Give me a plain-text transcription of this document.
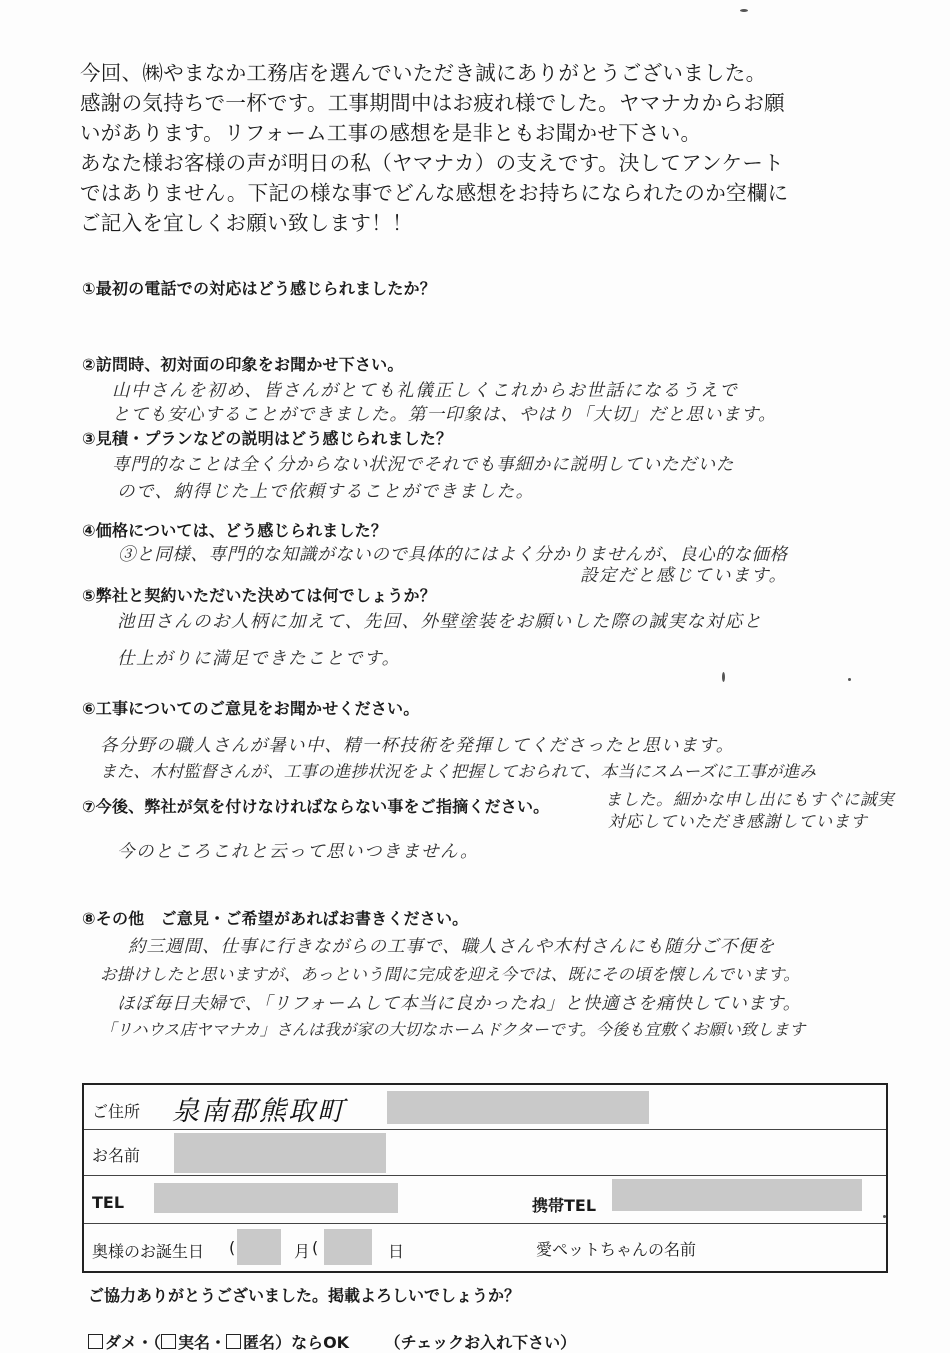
今回、㈱やまなか工務店を選んでいただき誠にありがとうございました。
感謝の気持ちで一杯です。工事期間中はお疲れ様でした。ヤマナカからお願
いがあります。リフォーム工事の感想を是非ともお聞かせ下さい。
あなた様お客様の声が明日の私（ヤマナカ）の支えです。決してアンケート
ではありません。下記の様な事でどんな感想をお持ちになられたのか空欄に
ご記入を宜しくお願い致します！！
①最初の電話での対応はどう感じられましたか？
②訪問時、初対面の印象をお聞かせ下さい。
山中さんを初め、皆さんがとても礼儀正しくこれからお世話になるうえで
とても安心することができました。第一印象は、やはり「大切」だと思います。
③見積・プランなどの説明はどう感じられました？
専門的なことは全く分からない状況でそれでも事細かに説明していただいた
ので、納得じた上で依頼することができました。
④価格については、どう感じられました？
③と同様、専門的な知識がないので具体的にはよく分かりませんが、良心的な価格
設定だと感じています。
⑤弊社と契約いただいた決めては何でしょうか？
池田さんのお人柄に加えて、先回、外壁塗装をお願いした際の誠実な対応と
仕上がりに満足できたことです。
⑥工事についてのご意見をお聞かせください。
各分野の職人さんが暑い中、精一杯技術を発揮してくださったと思います。
また、木村監督さんが、工事の進捗状況をよく把握しておられて、本当にスムーズに工事が進み
ました。細かな申し出にもすぐに誠実
⑦今後、弊社が気を付けなければならない事をご指摘ください。
対応していただき感謝しています
今のところこれと云って思いつきません。
⑧その他　ご意見・ご希望があればお書きください。
約三週間、仕事に行きながらの工事で、職人さんや木村さんにも随分ご不便を
お掛けしたと思いますが、あっという間に完成を迎え今では、既にその頃を懐しんでいます。
ほぼ毎日夫婦で、「リフォームして本当に良かったね」と快適さを痛快しています。
「リハウス店ヤマナカ」さんは我が家の大切なホームドクターです。今後も宜敷くお願い致します
ご住所 泉南郡熊取町
お名前
TEL	携帯TEL
奥様のお誕生日 (	月 (	日	愛ペットちゃんの名前
ご協力ありがとうございました。掲載よろしいでしょうか？
ダメ・（ 実名・ 匿名）ならOK （チェックお入れ下さい）
